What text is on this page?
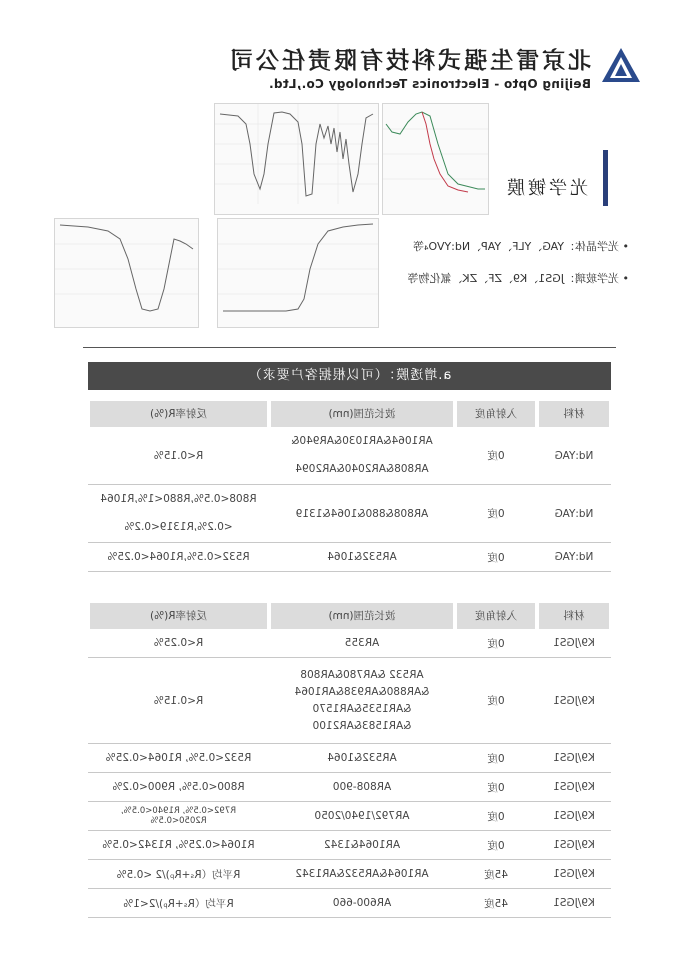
北京雷生强式科技有限责任公司
Beijing Opto - Electronics Technology Co.,Ltd.
光学镀膜
• 光学晶体：YAG、YLF、YAP、Nd:YVO₄等
• 光学玻璃：JGS1、K9、ZF、ZK、氟化物等
a.增透膜：（可以根据客户要求）
材料	入射角度	波长范围(nm)	反射率R(%)

Nd:YAG	0度	AR1064&AR1030&AR940&
AR808&AR2040&AR2094	R<0.15%
Nd:YAG	0度	AR808&880&1064&1319	R808<0.5%,R880<1%,R1064
<0.2%,R1319<0.2%

Nd:YAG	0度	AR532&1064	R532<0.5%,R1064<0.25%
材料	入射角度	波长范围(nm)	反射率R(%)

K9/JGS1	0度	AR355	R<0.25%
K9/JGS1	0度	AR532 &AR780&AR808
&AR880&AR938&AR1064
&AR1535&AR1570
&AR1583&AR2100	R<0.15%
K9/JGS1	0度	AR532&1064	R532<0.5%, R1064<0.25%
K9/JGS1	0度	AR808-900	R800<0.5%, R900<0.2%
K9/JGS1	0度	AR792/1940/2050	R792<0.5%, R1940<0.5%, R2050<0.5%
K9/JGS1	0度	AR1064&1342	R1064<0.25%, R1342<0.5%
K9/JGS1	45度	AR1064&AR532&AR1342	R平均（Rₛ+Rₚ)/2 <0.5%
K9/JGS1	45度	AR600-660	R平均（Rₛ+Rₚ)/2<1%
